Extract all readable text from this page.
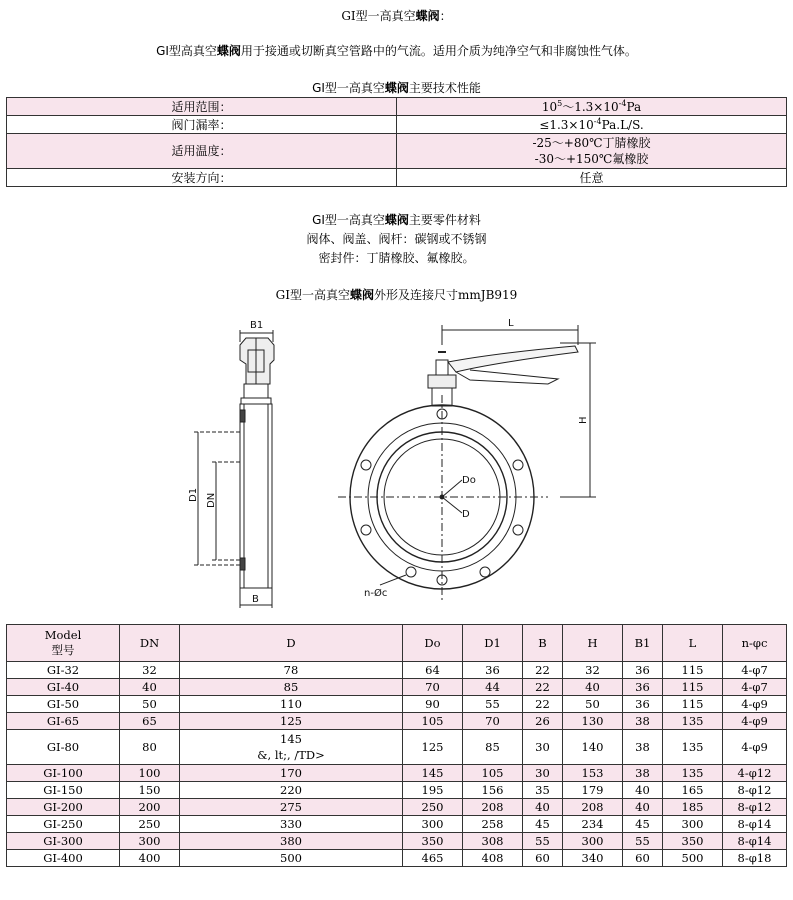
GI型一高真空蝶阀：
GI型高真空蝶阀用于接通或切断真空管路中的气流。适用介质为纯净空气和非腐蚀性气体。
GI型一高真空蝶阀主要技术性能
适用范围：	$10^5\sim 1.3\times 10^{-4}Pa$
阀门漏率：	$\le 1.3\times 10^{-4}Pa.L/S$.
适用温度：	-25～+80℃丁腈橡胶
-30～+150℃氟橡胶

安装方向：	任意
GI型一高真空蝶阀主要零件材料
阀体、阀盖、阀杆：碳钢或不锈钢
密封件：丁腈橡胶、氟橡胶。
GI型一高真空蝶阀外形及连接尺寸mmJB919
B1
B
D1 DN
L
H
Do
D
n-Øc
Model
型号	DN	D	Do	D1	B	H	B1	L	n-φc
GI-32	32	78	64	36	22	32	36	115	4-φ7
GI-40	40	85	70	44	22	40	36	115	4-φ7
GI-50	50	110	90	55	22	50	36	115	4-φ9
GI-65	65	125	105	70	26	130	38	135	4-φ9
GI-80	80	145
&, lt;, /TD>	125	85	30	140	38	135	4-φ9
GI-100	100	170	145	105	30	153	38	135	4-φ12
GI-150	150	220	195	156	35	179	40	165	8-φ12
GI-200	200	275	250	208	40	208	40	185	8-φ12
GI-250	250	330	300	258	45	234	45	300	8-φ14
GI-300	300	380	350	308	55	300	55	350	8-φ14
GI-400	400	500	465	408	60	340	60	500	8-φ18
